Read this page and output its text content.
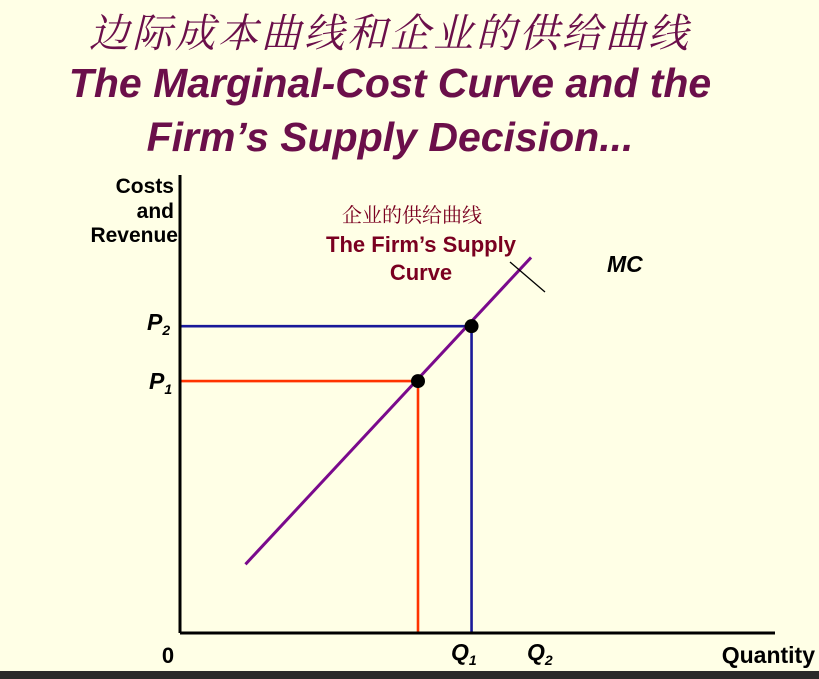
边际成本曲线和企业的供给曲线
The Marginal-Cost Curve and the
Firm’s Supply Decision...
Costs
and
Revenue
Quantity
0
$P_2$
$P_1$
$Q_1$ $Q_2$
MC
企业的供给曲线
The Firm’s Supply
Curve
